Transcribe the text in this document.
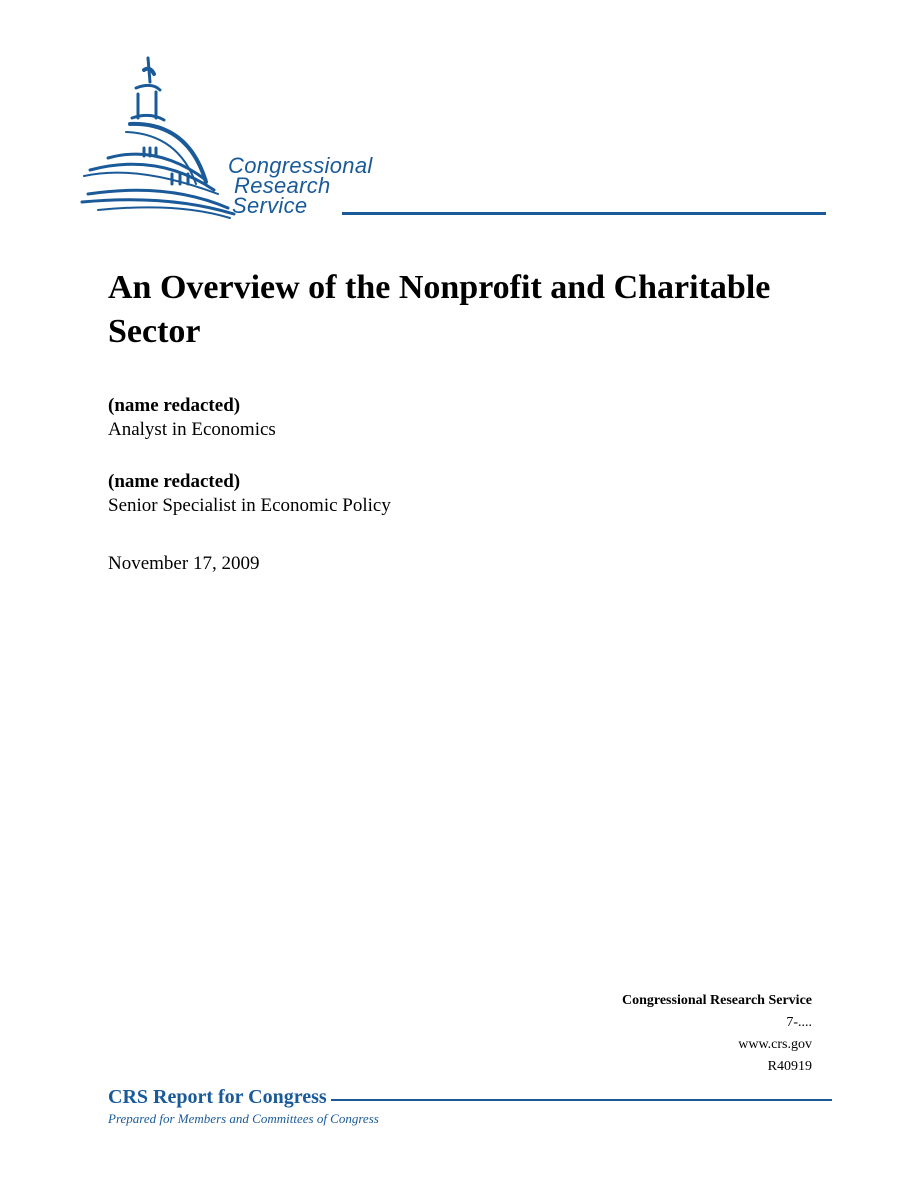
Congressional
Research
Service
An Overview of the Nonprofit and Charitable Sector
(name redacted)
Analyst in Economics
(name redacted)
Senior Specialist in Economic Policy
November 17, 2009
Congressional Research Service
7-....
www.crs.gov
R40919
CRS Report for Congress
Prepared for Members and Committees of Congress
